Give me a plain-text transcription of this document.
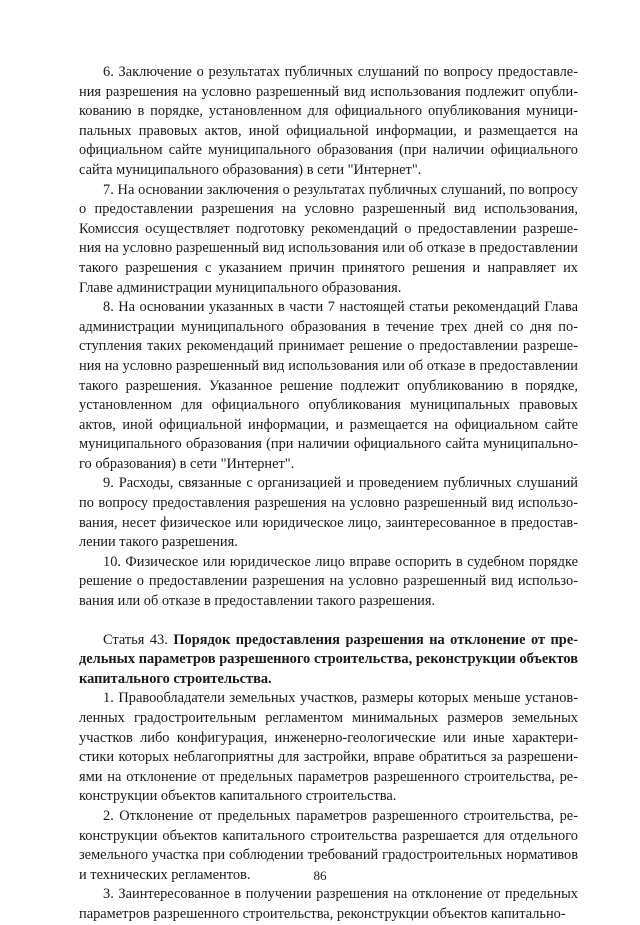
6. Заключение о результатах публичных слушаний по вопросу предоставления разрешения на условно разрешенный вид использования подлежит опубликованию в порядке, установленном для официального опубликования муниципальных правовых актов, иной официальной информации, и размещается на официальном сайте муниципального образования (при наличии официального сайта муниципального образования) в сети "Интернет".

7. На основании заключения о результатах публичных слушаний, по вопросу о предоставлении разрешения на условно разрешенный вид использования, Комиссия осуществляет подготовку рекомендаций о предоставлении разрешения на условно разрешенный вид использования или об отказе в предоставлении такого разрешения с указанием причин принятого решения и направляет их Главе администрации муниципального образования.

8. На основании указанных в части 7 настоящей статьи рекомендаций Глава администрации муниципального образования в течение трех дней со дня поступления таких рекомендаций принимает решение о предоставлении разрешения на условно разрешенный вид использования или об отказе в предоставлении такого разрешения. Указанное решение подлежит опубликованию в порядке, установленном для официального опубликования муниципальных правовых актов, иной официальной информации, и размещается на официальном сайте муниципального образования (при наличии официального сайта муниципального образования) в сети "Интернет".

9. Расходы, связанные с организацией и проведением публичных слушаний по вопросу предоставления разрешения на условно разрешенный вид использования, несет физическое или юридическое лицо, заинтересованное в предоставлении такого разрешения.

10. Физическое или юридическое лицо вправе оспорить в судебном порядке решение о предоставлении разрешения на условно разрешенный вид использования или об отказе в предоставлении такого разрешения.

Статья 43. Порядок предоставления разрешения на отклонение от предельных параметров разрешенного строительства, реконструкции объектов капитального строительства.

1. Правообладатели земельных участков, размеры которых меньше установленных градостроительным регламентом минимальных размеров земельных участков либо конфигурация, инженерно-геологические или иные характеристики которых неблагоприятны для застройки, вправе обратиться за разрешениями на отклонение от предельных параметров разрешенного строительства, реконструкции объектов капитального строительства.

2. Отклонение от предельных параметров разрешенного строительства, реконструкции объектов капитального строительства разрешается для отдельного земельного участка при соблюдении требований градостроительных нормативов и технических регламентов.

3. Заинтересованное в получении разрешения на отклонение от предельных параметров разрешенного строительства, реконструкции объектов капитально-

86
